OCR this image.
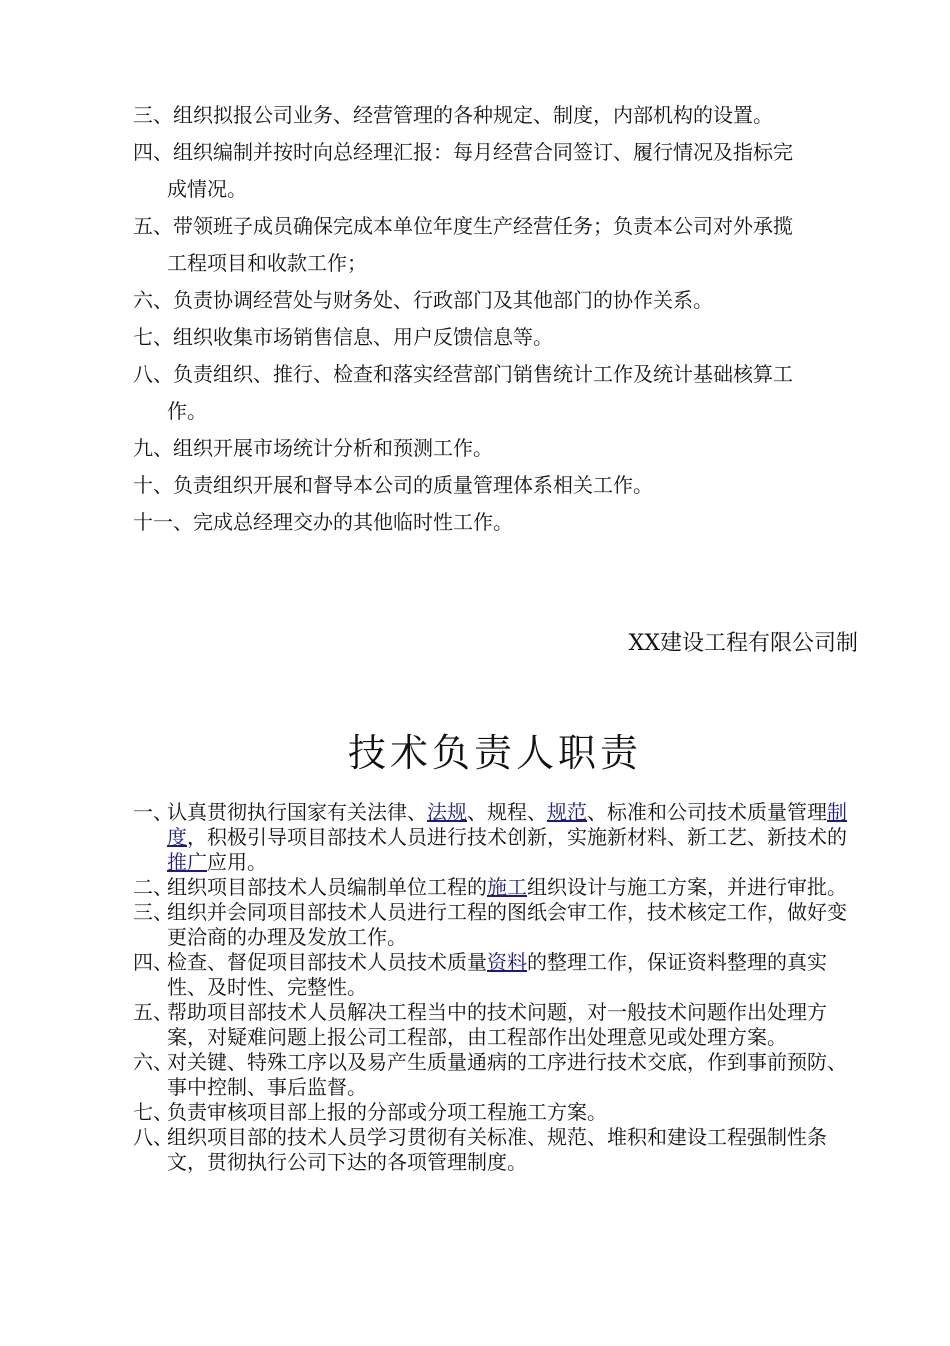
三、组织拟报公司业务、经营管理的各种规定、制度，内部机构的设置。
四、组织编制并按时向总经理汇报：每月经营合同签订、履行情况及指标完
成情况。
五、带领班子成员确保完成本单位年度生产经营任务；负责本公司对外承揽
工程项目和收款工作；
六、负责协调经营处与财务处、行政部门及其他部门的协作关系。
七、组织收集市场销售信息、用户反馈信息等。
八、负责组织、推行、检查和落实经营部门销售统计工作及统计基础核算工
作。
九、组织开展市场统计分析和预测工作。
十、负责组织开展和督导本公司的质量管理体系相关工作。
十一、完成总经理交办的其他临时性工作。
XX建设工程有限公司制
技术负责人职责
一、
认真贯彻执行国家有关法律、法规、规程、规范、标准和公司技术质量管理制度，积极引导项目部技术人员进行技术创新，实施新材料、新工艺、新技术的推广应用。
二、
组织项目部技术人员编制单位工程的施工组织设计与施工方案，并进行审批。
三、
组织并会同项目部技术人员进行工程的图纸会审工作，技术核定工作，做好变更洽商的办理及发放工作。
四、
检查、督促项目部技术人员技术质量资料的整理工作，保证资料整理的真实性、及时性、完整性。
五、
帮助项目部技术人员解决工程当中的技术问题，对一般技术问题作出处理方案，对疑难问题上报公司工程部，由工程部作出处理意见或处理方案。
六、
对关键、特殊工序以及易产生质量通病的工序进行技术交底，作到事前预防、事中控制、事后监督。
七、
负责审核项目部上报的分部或分项工程施工方案。
八、
组织项目部的技术人员学习贯彻有关标准、规范、堆积和建设工程强制性条文，贯彻执行公司下达的各项管理制度。
